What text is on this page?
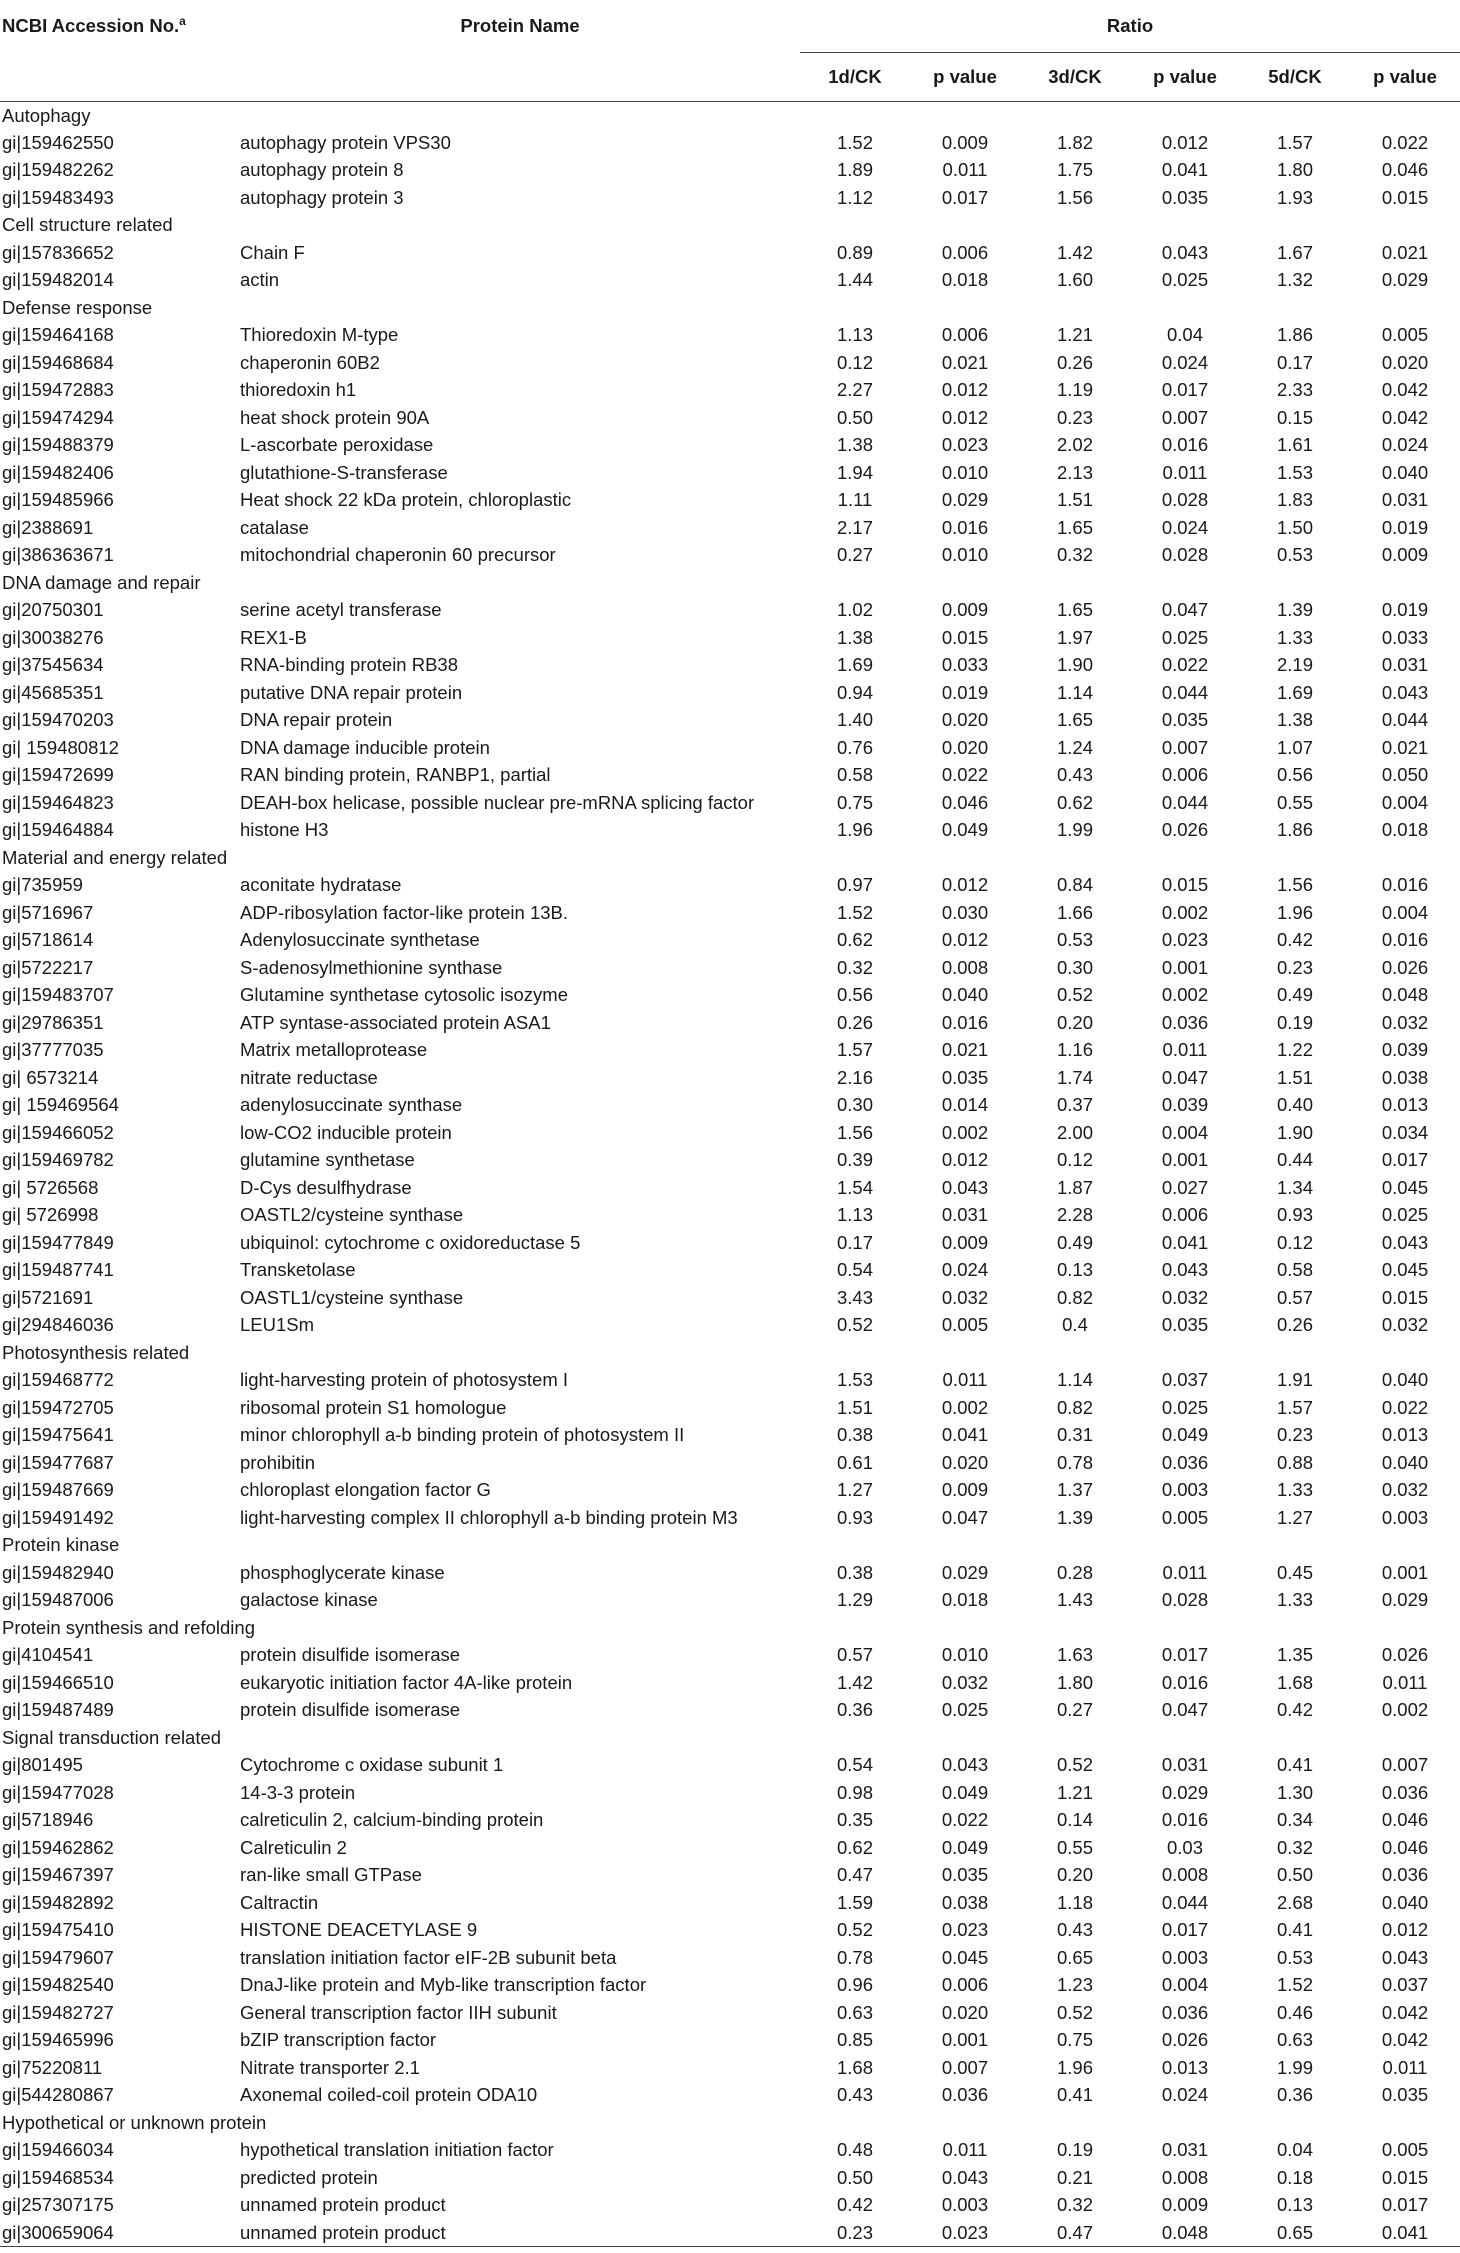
NCBI Accession No.$^a$	Protein Name	Ratio					
		1d/CK	p value	3d/CK	p value	5d/CK	p value
Autophagy							
gi|159462550	autophagy protein VPS30	1.52	0.009	1.82	0.012	1.57	0.022
gi|159482262	autophagy protein 8	1.89	0.011	1.75	0.041	1.80	0.046
gi|159483493	autophagy protein 3	1.12	0.017	1.56	0.035	1.93	0.015
Cell structure related							
gi|157836652	Chain F	0.89	0.006	1.42	0.043	1.67	0.021
gi|159482014	actin	1.44	0.018	1.60	0.025	1.32	0.029
Defense response							
gi|159464168	Thioredoxin M-type	1.13	0.006	1.21	0.04	1.86	0.005
gi|159468684	chaperonin 60B2	0.12	0.021	0.26	0.024	0.17	0.020
gi|159472883	thioredoxin h1	2.27	0.012	1.19	0.017	2.33	0.042
gi|159474294	heat shock protein 90A	0.50	0.012	0.23	0.007	0.15	0.042
gi|159488379	L-ascorbate peroxidase	1.38	0.023	2.02	0.016	1.61	0.024
gi|159482406	glutathione-S-transferase	1.94	0.010	2.13	0.011	1.53	0.040
gi|159485966	Heat shock 22 kDa protein, chloroplastic	1.11	0.029	1.51	0.028	1.83	0.031
gi|2388691	catalase	2.17	0.016	1.65	0.024	1.50	0.019
gi|386363671	mitochondrial chaperonin 60 precursor	0.27	0.010	0.32	0.028	0.53	0.009
DNA damage and repair							
gi|20750301	serine acetyl transferase	1.02	0.009	1.65	0.047	1.39	0.019
gi|30038276	REX1-B	1.38	0.015	1.97	0.025	1.33	0.033
gi|37545634	RNA-binding protein RB38	1.69	0.033	1.90	0.022	2.19	0.031
gi|45685351	putative DNA repair protein	0.94	0.019	1.14	0.044	1.69	0.043
gi|159470203	DNA repair protein	1.40	0.020	1.65	0.035	1.38	0.044
gi| 159480812	DNA damage inducible protein	0.76	0.020	1.24	0.007	1.07	0.021
gi|159472699	RAN binding protein, RANBP1, partial	0.58	0.022	0.43	0.006	0.56	0.050
gi|159464823	DEAH-box helicase, possible nuclear pre-mRNA splicing factor	0.75	0.046	0.62	0.044	0.55	0.004
gi|159464884	histone H3	1.96	0.049	1.99	0.026	1.86	0.018
Material and energy related							
gi|735959	aconitate hydratase	0.97	0.012	0.84	0.015	1.56	0.016
gi|5716967	ADP-ribosylation factor-like protein 13B.	1.52	0.030	1.66	0.002	1.96	0.004
gi|5718614	Adenylosuccinate synthetase	0.62	0.012	0.53	0.023	0.42	0.016
gi|5722217	S-adenosylmethionine synthase	0.32	0.008	0.30	0.001	0.23	0.026
gi|159483707	Glutamine synthetase cytosolic isozyme	0.56	0.040	0.52	0.002	0.49	0.048
gi|29786351	ATP syntase-associated protein ASA1	0.26	0.016	0.20	0.036	0.19	0.032
gi|37777035	Matrix metalloprotease	1.57	0.021	1.16	0.011	1.22	0.039
gi| 6573214	nitrate reductase	2.16	0.035	1.74	0.047	1.51	0.038
gi| 159469564	adenylosuccinate synthase	0.30	0.014	0.37	0.039	0.40	0.013
gi|159466052	low-CO2 inducible protein	1.56	0.002	2.00	0.004	1.90	0.034
gi|159469782	glutamine synthetase	0.39	0.012	0.12	0.001	0.44	0.017
gi| 5726568	D-Cys desulfhydrase	1.54	0.043	1.87	0.027	1.34	0.045
gi| 5726998	OASTL2/cysteine synthase	1.13	0.031	2.28	0.006	0.93	0.025
gi|159477849	ubiquinol: cytochrome c oxidoreductase 5	0.17	0.009	0.49	0.041	0.12	0.043
gi|159487741	Transketolase	0.54	0.024	0.13	0.043	0.58	0.045
gi|5721691	OASTL1/cysteine synthase	3.43	0.032	0.82	0.032	0.57	0.015
gi|294846036	LEU1Sm	0.52	0.005	0.4	0.035	0.26	0.032
Photosynthesis related							
gi|159468772	light-harvesting protein of photosystem I	1.53	0.011	1.14	0.037	1.91	0.040
gi|159472705	ribosomal protein S1 homologue	1.51	0.002	0.82	0.025	1.57	0.022
gi|159475641	minor chlorophyll a-b binding protein of photosystem II	0.38	0.041	0.31	0.049	0.23	0.013
gi|159477687	prohibitin	0.61	0.020	0.78	0.036	0.88	0.040
gi|159487669	chloroplast elongation factor G	1.27	0.009	1.37	0.003	1.33	0.032
gi|159491492	light-harvesting complex II chlorophyll a-b binding protein M3	0.93	0.047	1.39	0.005	1.27	0.003
Protein kinase							
gi|159482940	phosphoglycerate kinase	0.38	0.029	0.28	0.011	0.45	0.001
gi|159487006	galactose kinase	1.29	0.018	1.43	0.028	1.33	0.029
Protein synthesis and refolding							
gi|4104541	protein disulfide isomerase	0.57	0.010	1.63	0.017	1.35	0.026
gi|159466510	eukaryotic initiation factor 4A-like protein	1.42	0.032	1.80	0.016	1.68	0.011
gi|159487489	protein disulfide isomerase	0.36	0.025	0.27	0.047	0.42	0.002
Signal transduction related							
gi|801495	Cytochrome c oxidase subunit 1	0.54	0.043	0.52	0.031	0.41	0.007
gi|159477028	14-3-3 protein	0.98	0.049	1.21	0.029	1.30	0.036
gi|5718946	calreticulin 2, calcium-binding protein	0.35	0.022	0.14	0.016	0.34	0.046
gi|159462862	Calreticulin 2	0.62	0.049	0.55	0.03	0.32	0.046
gi|159467397	ran-like small GTPase	0.47	0.035	0.20	0.008	0.50	0.036
gi|159482892	Caltractin	1.59	0.038	1.18	0.044	2.68	0.040
gi|159475410	HISTONE DEACETYLASE 9	0.52	0.023	0.43	0.017	0.41	0.012
gi|159479607	translation initiation factor eIF-2B subunit beta	0.78	0.045	0.65	0.003	0.53	0.043
gi|159482540	DnaJ-like protein and Myb-like transcription factor	0.96	0.006	1.23	0.004	1.52	0.037
gi|159482727	General transcription factor IIH subunit	0.63	0.020	0.52	0.036	0.46	0.042
gi|159465996	bZIP transcription factor	0.85	0.001	0.75	0.026	0.63	0.042
gi|75220811	Nitrate transporter 2.1	1.68	0.007	1.96	0.013	1.99	0.011
gi|544280867	Axonemal coiled-coil protein ODA10	0.43	0.036	0.41	0.024	0.36	0.035
Hypothetical or unknown protein							
gi|159466034	hypothetical translation initiation factor	0.48	0.011	0.19	0.031	0.04	0.005
gi|159468534	predicted protein	0.50	0.043	0.21	0.008	0.18	0.015
gi|257307175	unnamed protein product	0.42	0.003	0.32	0.009	0.13	0.017
gi|300659064	unnamed protein product	0.23	0.023	0.47	0.048	0.65	0.041
